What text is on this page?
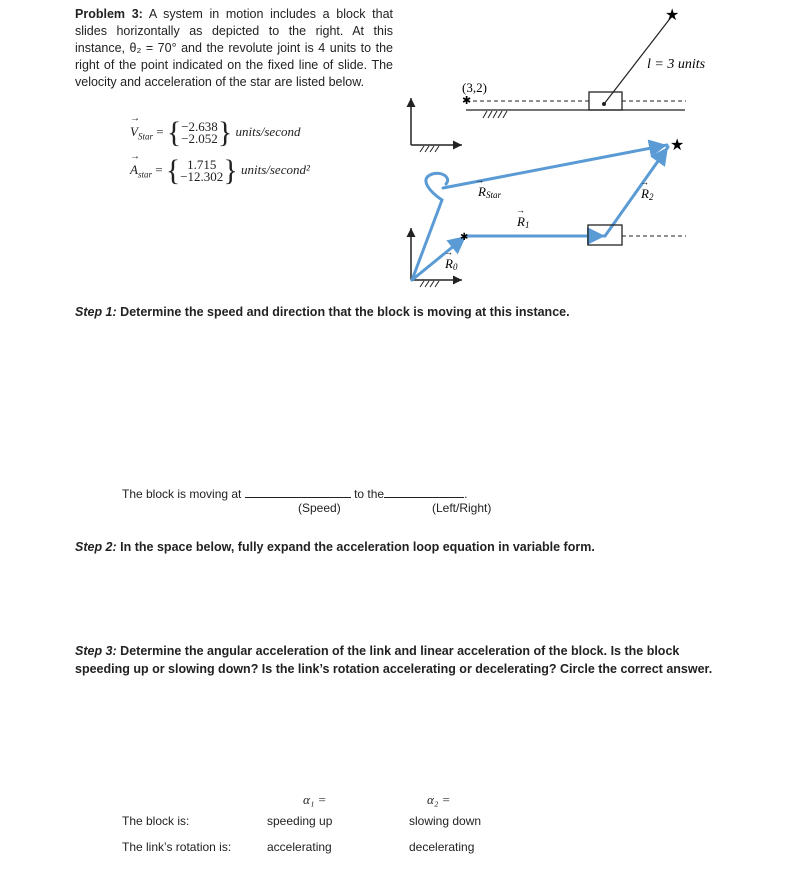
Problem 3: A system in motion includes a block that slides horizontally as depicted to the right. At this instance, θ₂ = 70° and the revolute joint is 4 units to the right of the point indicated on the fixed line of slide. The velocity and acceleration of the star are listed below.
→ $V_{Star} = \{-2.638$
−2.052} units/second
→ $A_{star}$ = { 1.715
−12.302} units/second²
✱
(3,2)
★
l = 3 units
★
✱
RStar
→
R1
→
R0
→
R2
→
Step 1: Determine the speed and direction that the block is moving at this instance.
The block is moving at	to the	.
(Speed)	(Left/Right)
Step 2: In the space below, fully expand the acceleration loop equation in variable form.
Step 3: Determine the angular acceleration of the link and linear acceleration of the block. Is the block speeding up or slowing down? Is the link’s rotation accelerating or decelerating? Circle the correct answer.
α₁ =	α₂ =
The block is:	speeding up	slowing down
The link’s rotation is:	accelerating	decelerating
